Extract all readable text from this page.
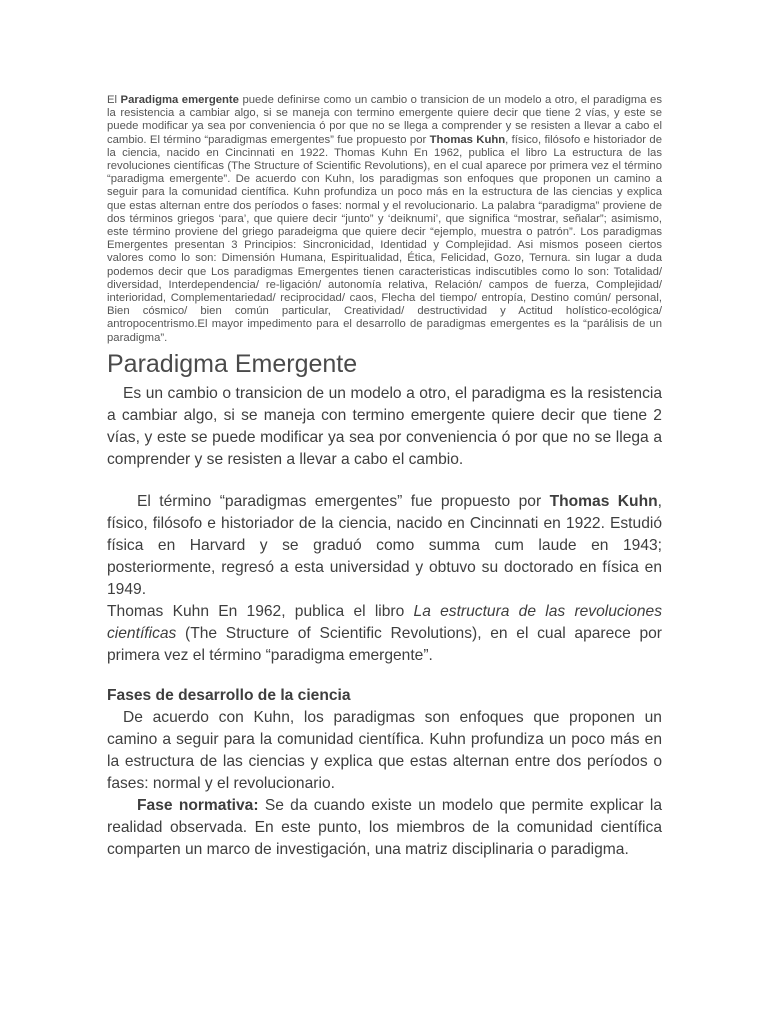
El Paradigma emergente puede definirse como un cambio o transicion de un modelo a otro, el paradigma es la resistencia a cambiar algo, si se maneja con termino emergente quiere decir que tiene 2 vías, y este se puede modificar ya sea por conveniencia ó por que no se llega a comprender y se resisten a llevar a cabo el cambio. El término “paradigmas emergentes” fue propuesto por Thomas Kuhn, físico, filósofo e historiador de la ciencia, nacido en Cincinnati en 1922. Thomas Kuhn En 1962, publica el libro La estructura de las revoluciones científicas (The Structure of Scientific Revolutions), en el cual aparece por primera vez el término “paradigma emergente”. De acuerdo con Kuhn, los paradigmas son enfoques que proponen un camino a seguir para la comunidad científica. Kuhn profundiza un poco más en la estructura de las ciencias y explica que estas alternan entre dos períodos o fases: normal y el revolucionario. La palabra “paradigma” proviene de dos términos griegos ‘para’, que quiere decir “junto” y ‘deiknumi’, que significa “mostrar, señalar”; asimismo, este término proviene del griego paradeigma que quiere decir “ejemplo, muestra o patrón”. Los paradigmas Emergentes presentan 3 Principios: Sincronicidad, Identidad y Complejidad. Asi mismos poseen ciertos valores como lo son: Dimensión Humana, Espiritualidad, Ética, Felicidad, Gozo, Ternura. sin lugar a duda podemos decir que Los paradigmas Emergentes tienen caracteristicas indiscutibles como lo son: Totalidad/ diversidad, Interdependencia/ re-ligación/ autonomía relativa, Relación/ campos de fuerza, Complejidad/ interioridad, Complementariedad/ reciprocidad/ caos, Flecha del tiempo/ entropía, Destino común/ personal, Bien cósmico/ bien común particular, Creatividad/ destructividad y Actitud holístico-ecológica/ antropocentrismo.El mayor impedimento para el desarrollo de paradigmas emergentes es la “parálisis de un paradigma”.

Paradigma Emergente

Es un cambio o transicion de un modelo a otro, el paradigma es la resistencia a cambiar algo, si se maneja con termino emergente quiere decir que tiene 2 vías, y este se puede modificar ya sea por conveniencia ó por que no se llega a comprender y se resisten a llevar a cabo el cambio.

El término “paradigmas emergentes” fue propuesto por Thomas Kuhn, físico, filósofo e historiador de la ciencia, nacido en Cincinnati en 1922. Estudió física en Harvard y se graduó como summa cum laude en 1943; posteriormente, regresó a esta universidad y obtuvo su doctorado en física en 1949.

Thomas Kuhn En 1962, publica el libro La estructura de las revoluciones científicas (The Structure of Scientific Revolutions), en el cual aparece por primera vez el término “paradigma emergente”.

Fases de desarrollo de la ciencia

De acuerdo con Kuhn, los paradigmas son enfoques que proponen un camino a seguir para la comunidad científica. Kuhn profundiza un poco más en la estructura de las ciencias y explica que estas alternan entre dos períodos o fases: normal y el revolucionario.

Fase normativa: Se da cuando existe un modelo que permite explicar la realidad observada. En este punto, los miembros de la comunidad científica comparten un marco de investigación, una matriz disciplinaria o paradigma.
